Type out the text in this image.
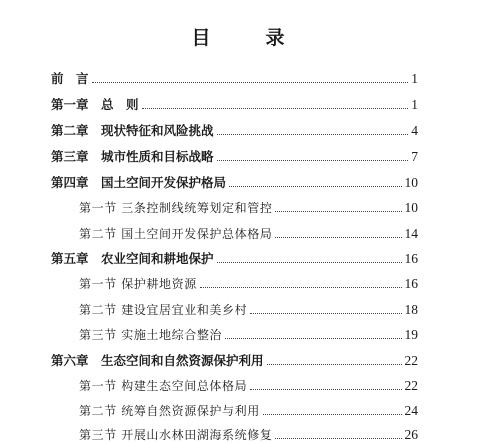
目　录
前　言	1
第一章　总　则	1
第二章　现状特征和风险挑战	4
第三章　城市性质和目标战略	7
第四章　国土空间开发保护格局	10
第一节 三条控制线统筹划定和管控	10
第二节 国土空间开发保护总体格局	14
第五章　农业空间和耕地保护	16
第一节 保护耕地资源	16
第二节 建设宜居宜业和美乡村	18
第三节 实施土地综合整治	19
第六章　生态空间和自然资源保护利用	22
第一节 构建生态空间总体格局	22
第二节 统筹自然资源保护与利用	24
第三节 开展山水林田湖海系统修复	26
